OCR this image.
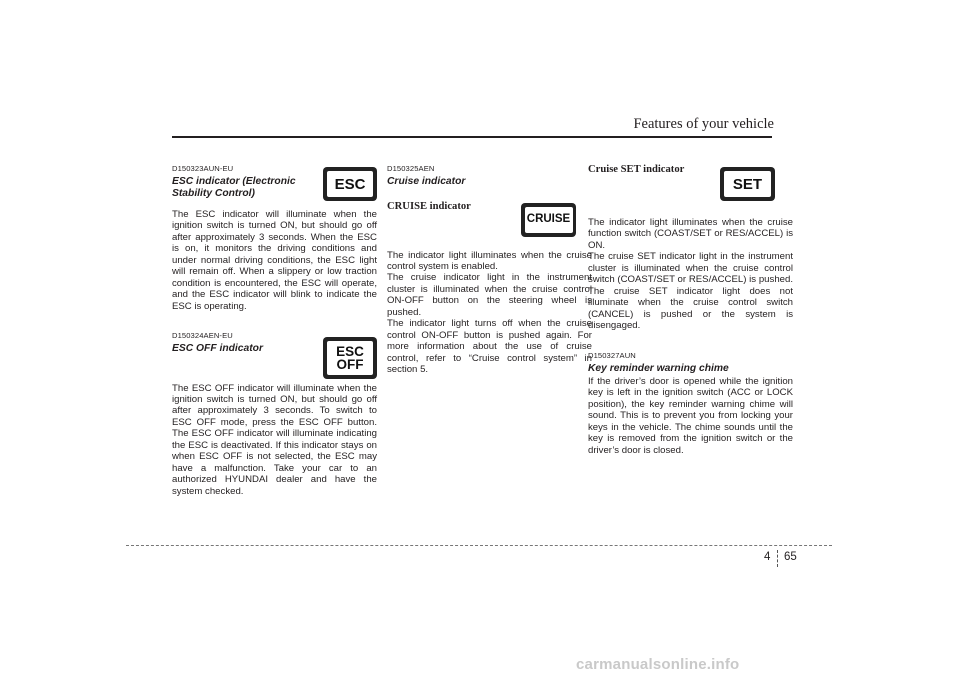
Features of your vehicle

D150323AUN-EU

ESC indicator (Electronic Stability Control)

The ESC indicator will illuminate when the ignition switch is turned ON, but should go off after approximately 3 seconds. When the ESC is on, it monitors the driving conditions and under normal driving conditions, the ESC light will remain off. When a slippery or low traction condition is encountered, the ESC will operate, and the ESC indicator will blink to indicate the ESC is operating.

D150324AEN-EU

ESC OFF indicator

The ESC OFF indicator will illuminate when the ignition switch is turned ON, but should go off after approximately 3 seconds. To switch to ESC OFF mode, press the ESC OFF button. The ESC OFF indicator will illuminate indicating the ESC is deactivated. If this indicator stays on when ESC OFF is not selected, the ESC may have a malfunction. Take your car to an authorized HYUNDAI dealer and have the system checked.

ESC
ESC
OFF

D150325AEN

Cruise indicator

CRUISE indicator

The indicator light illuminates when the cruise control system is enabled.

The cruise indicator light in the instrument cluster is illuminated when the cruise control ON-OFF button on the steering wheel is pushed.

The indicator light turns off when the cruise control ON-OFF button is pushed again. For more information about the use of cruise control, refer to “Cruise control system” in section 5.

CRUISE

Cruise SET indicator

The indicator light illuminates when the cruise function switch (COAST/SET or RES/ACCEL) is ON.

The cruise SET indicator light in the instrument cluster is illuminated when the cruise control switch (COAST/SET or RES/ACCEL) is pushed. The cruise SET indicator light does not illuminate when the cruise control switch (CANCEL) is pushed or the system is disengaged.

D150327AUN

Key reminder warning chime

If the driver’s door is opened while the ignition key is left in the ignition switch (ACC or LOCK position), the key reminder warning chime will sound. This is to prevent you from locking your keys in the vehicle. The chime sounds until the key is removed from the ignition switch or the driver’s door is closed.

SET
4 65
carmanualsonline.info
